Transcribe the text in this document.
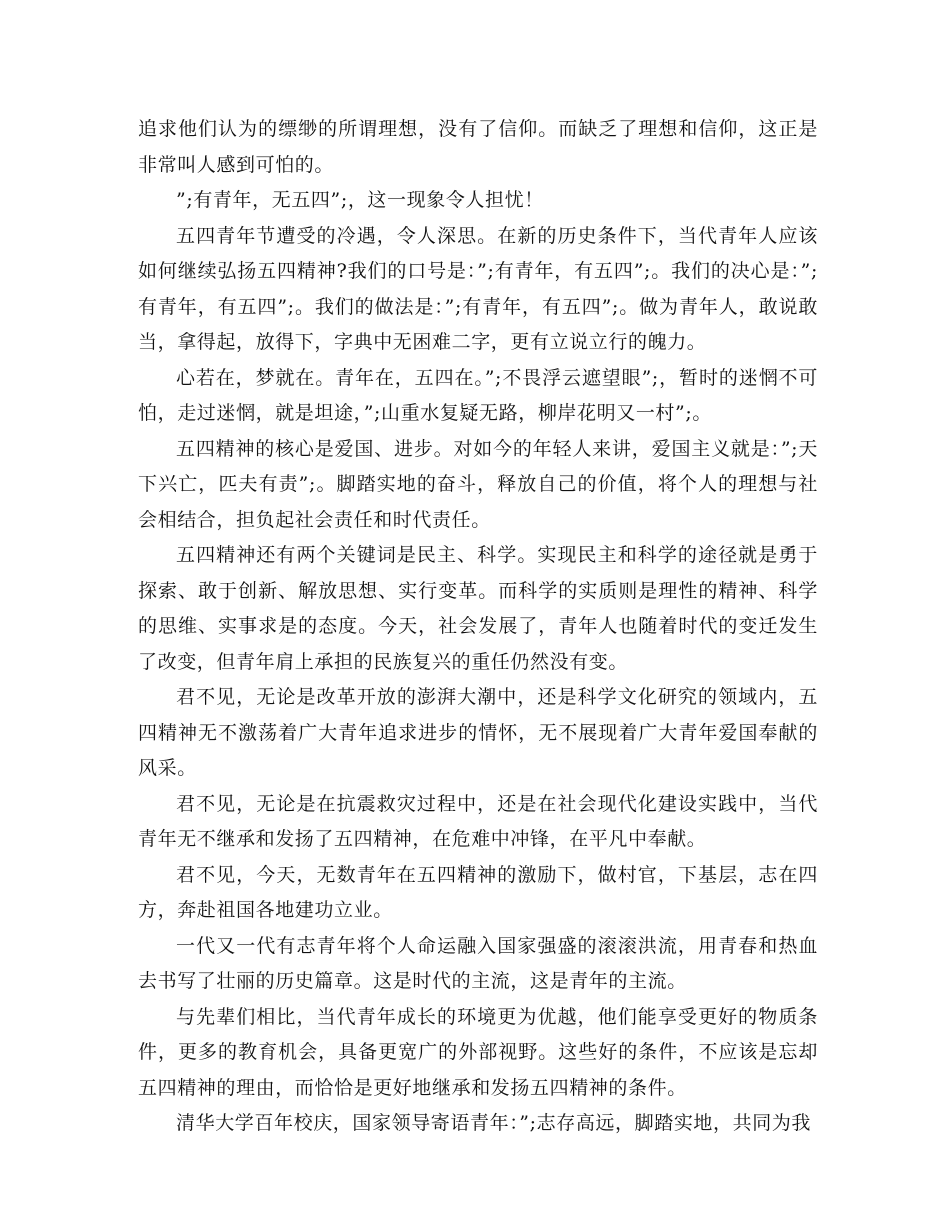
追求他们认为的缥缈的所谓理想，没有了信仰。而缺乏了理想和信仰，这正是非常叫人感到可怕的。

”;有青年，无五四”;，这一现象令人担忧！

五四青年节遭受的冷遇，令人深思。在新的历史条件下，当代青年人应该如何继续弘扬五四精神?我们的口号是：”;有青年，有五四”;。我们的决心是：”;有青年，有五四”;。我们的做法是：”;有青年，有五四”;。做为青年人，敢说敢当，拿得起，放得下，字典中无困难二字，更有立说立行的魄力。

心若在，梦就在。青年在，五四在。”;不畏浮云遮望眼”;，暂时的迷惘不可怕，走过迷惘，就是坦途，”;山重水复疑无路，柳岸花明又一村”;。

五四精神的核心是爱国、进步。对如今的年轻人来讲，爱国主义就是：”;天下兴亡，匹夫有责”;。脚踏实地的奋斗，释放自己的价值，将个人的理想与社会相结合，担负起社会责任和时代责任。

五四精神还有两个关键词是民主、科学。实现民主和科学的途径就是勇于探索、敢于创新、解放思想、实行变革。而科学的实质则是理性的精神、科学的思维、实事求是的态度。今天，社会发展了，青年人也随着时代的变迁发生了改变，但青年肩上承担的民族复兴的重任仍然没有变。

君不见，无论是改革开放的澎湃大潮中，还是科学文化研究的领域内，五四精神无不激荡着广大青年追求进步的情怀，无不展现着广大青年爱国奉献的风采。

君不见，无论是在抗震救灾过程中，还是在社会现代化建设实践中，当代青年无不继承和发扬了五四精神，在危难中冲锋，在平凡中奉献。

君不见，今天，无数青年在五四精神的激励下，做村官，下基层，志在四方，奔赴祖国各地建功立业。

一代又一代有志青年将个人命运融入国家强盛的滚滚洪流，用青春和热血去书写了壮丽的历史篇章。这是时代的主流，这是青年的主流。

与先辈们相比，当代青年成长的环境更为优越，他们能享受更好的物质条件，更多的教育机会，具备更宽广的外部视野。这些好的条件，不应该是忘却五四精神的理由，而恰恰是更好地继承和发扬五四精神的条件。

清华大学百年校庆，国家领导寄语青年：”;志存高远，脚踏实地，共同为我
